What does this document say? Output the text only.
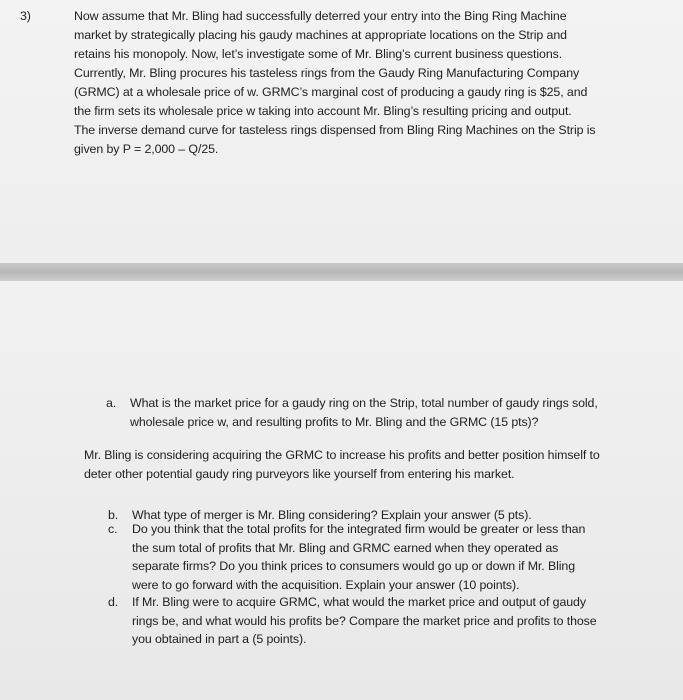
3)	Now assume that Mr. Bling had successfully deterred your entry into the Bing Ring Machine
market by strategically placing his gaudy machines at appropriate locations on the Strip and
retains his monopoly. Now, let’s investigate some of Mr. Bling’s current business questions.
Currently, Mr. Bling procures his tasteless rings from the Gaudy Ring Manufacturing Company
(GRMC) at a wholesale price of w. GRMC’s marginal cost of producing a gaudy ring is $25, and
the firm sets its wholesale price w taking into account Mr. Bling’s resulting pricing and output.
The inverse demand curve for tasteless rings dispensed from Bling Ring Machines on the Strip is
given by P = 2,000 – Q/25.
a. What is the market price for a gaudy ring on the Strip, total number of gaudy rings sold,
wholesale price w, and resulting profits to Mr. Bling and the GRMC (15 pts)?
Mr. Bling is considering acquiring the GRMC to increase his profits and better position himself to
deter other potential gaudy ring purveyors like yourself from entering his market.
b. What type of merger is Mr. Bling considering? Explain your answer (5 pts).
c. Do you think that the total profits for the integrated firm would be greater or less than
the sum total of profits that Mr. Bling and GRMC earned when they operated as
separate firms? Do you think prices to consumers would go up or down if Mr. Bling
were to go forward with the acquisition. Explain your answer (10 points).
d. If Mr. Bling were to acquire GRMC, what would the market price and output of gaudy
rings be, and what would his profits be? Compare the market price and profits to those
you obtained in part a (5 points).
